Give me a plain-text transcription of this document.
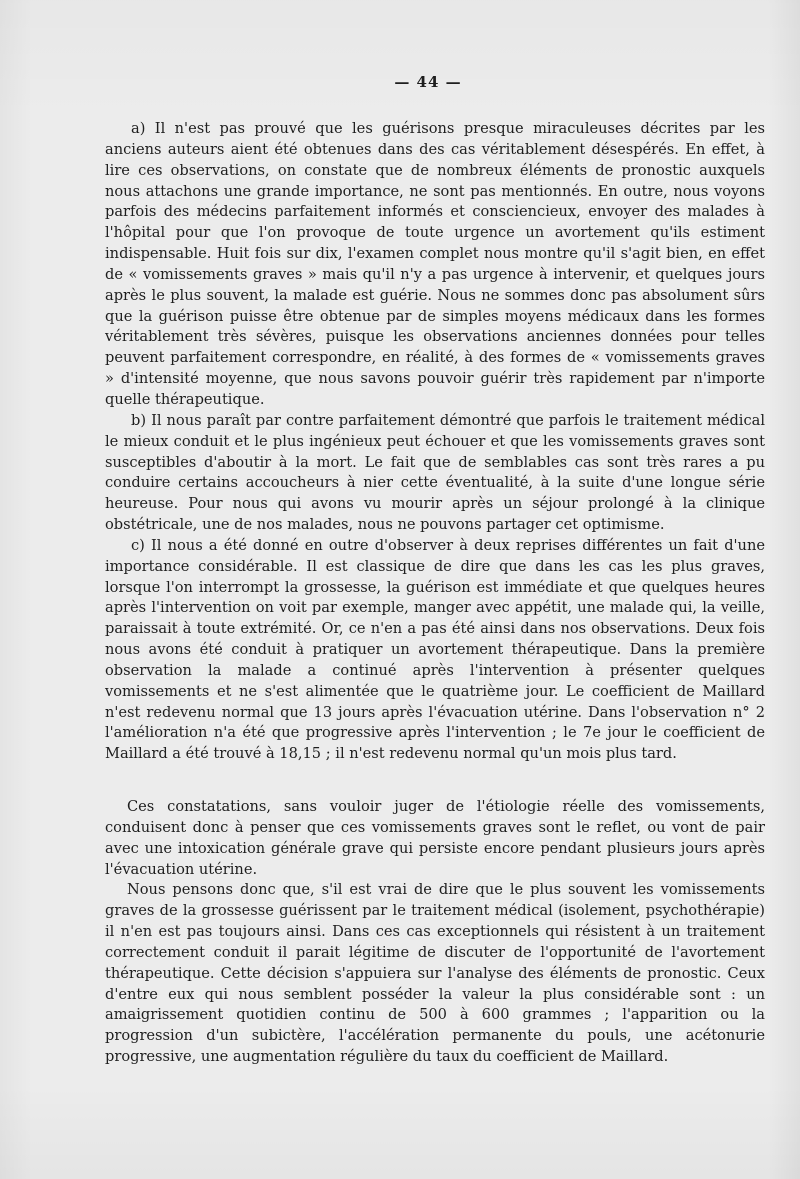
— 44 —

a) Il n'est pas prouvé que les guérisons presque miraculeuses décrites par les anciens auteurs aient été obtenues dans des cas véritablement désespérés. En effet, à lire ces observations, on constate que de nombreux éléments de pronostic auxquels nous attachons une grande importance, ne sont pas mentionnés. En outre, nous voyons parfois des médecins parfaitement informés et consciencieux, envoyer des malades à l'hôpital pour que l'on provoque de toute urgence un avortement qu'ils estiment indispensable. Huit fois sur dix, l'examen complet nous montre qu'il s'agit bien, en effet de « vomissements graves » mais qu'il n'y a pas urgence à intervenir, et quelques jours après le plus souvent, la malade est guérie. Nous ne sommes donc pas absolument sûrs que la guérison puisse être obtenue par de simples moyens médicaux dans les formes véritablement très sévères, puisque les observations anciennes données pour telles peuvent parfaitement correspondre, en réalité, à des formes de « vomissements graves » d'intensité moyenne, que nous savons pouvoir guérir très rapidement par n'importe quelle thérapeutique.

b) Il nous paraît par contre parfaitement démontré que parfois le traitement médical le mieux conduit et le plus ingénieux peut échouer et que les vomissements graves sont susceptibles d'aboutir à la mort. Le fait que de semblables cas sont très rares a pu conduire certains accoucheurs à nier cette éventualité, à la suite d'une longue série heureuse. Pour nous qui avons vu mourir après un séjour prolongé à la clinique obstétricale, une de nos malades, nous ne pouvons partager cet optimisme.

c) Il nous a été donné en outre d'observer à deux reprises différentes un fait d'une importance considérable. Il est classique de dire que dans les cas les plus graves, lorsque l'on interrompt la grossesse, la guérison est immédiate et que quelques heures après l'intervention on voit par exemple, manger avec appétit, une malade qui, la veille, paraissait à toute extrémité. Or, ce n'en a pas été ainsi dans nos observations. Deux fois nous avons été conduit à pratiquer un avortement thérapeutique. Dans la première observation la malade a continué après l'intervention à présenter quelques vomissements et ne s'est alimentée que le quatrième jour. Le coefficient de Maillard n'est redevenu normal que 13 jours après l'évacuation utérine. Dans l'observation n° 2 l'amélioration n'a été que progressive après l'intervention ; le 7e jour le coefficient de Maillard a été trouvé à 18,15 ; il n'est redevenu normal qu'un mois plus tard.

Ces constatations, sans vouloir juger de l'étiologie réelle des vomissements, conduisent donc à penser que ces vomissements graves sont le reflet, ou vont de pair avec une intoxication générale grave qui persiste encore pendant plusieurs jours après l'évacuation utérine.

Nous pensons donc que, s'il est vrai de dire que le plus souvent les vomissements graves de la grossesse guérissent par le traitement médical (isolement, psychothérapie) il n'en est pas toujours ainsi. Dans ces cas exceptionnels qui résistent à un traitement correctement conduit il parait légitime de discuter de l'opportunité de l'avortement thérapeutique. Cette décision s'appuiera sur l'analyse des éléments de pronostic. Ceux d'entre eux qui nous semblent posséder la valeur la plus considérable sont : un amaigrissement quotidien continu de 500 à 600 grammes ; l'apparition ou la progression d'un subictère, l'accélération permanente du pouls, une acétonurie progressive, une augmentation régulière du taux du coefficient de Maillard.
